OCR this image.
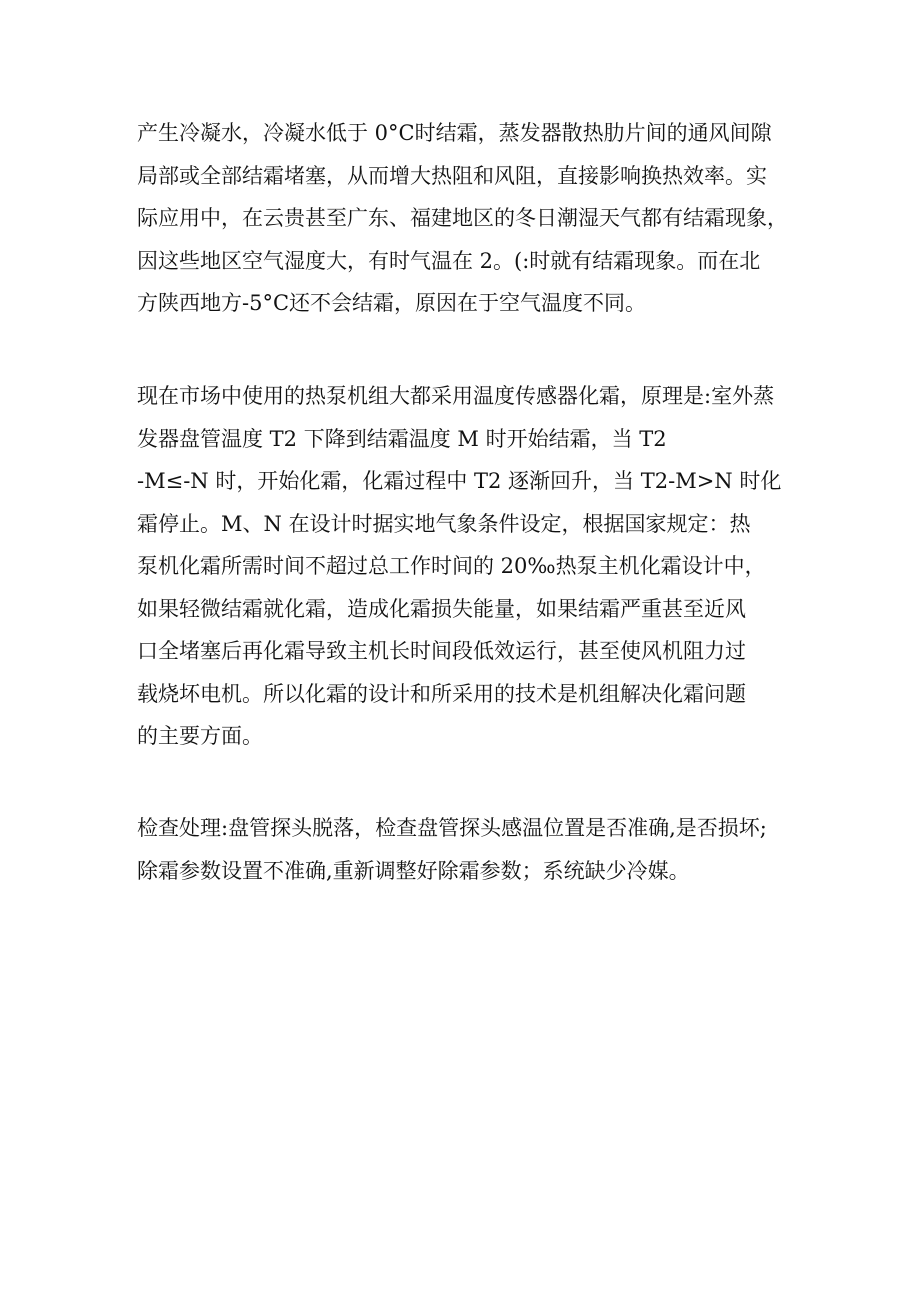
产生冷凝水，冷凝水低于 0°C时结霜，蒸发器散热肋片间的通风间隙
局部或全部结霜堵塞，从而增大热阻和风阻，直接影响换热效率。实
际应用中，在云贵甚至广东、福建地区的冬日潮湿天气都有结霜现象，
因这些地区空气湿度大，有时气温在 2。(:时就有结霜现象。而在北
方陕西地方-5°C还不会结霜，原因在于空气温度不同。
现在市场中使用的热泵机组大都采用温度传感器化霜，原理是:室外蒸
发器盘管温度 T2 下降到结霜温度 M 时开始结霜，当 T2
-M≤-N 时，开始化霜，化霜过程中 T2 逐渐回升，当 T2-M>N 时化
霜停止。M、N 在设计时据实地气象条件设定，根据国家规定：热
泵机化霜所需时间不超过总工作时间的 20‰热泵主机化霜设计中，
如果轻微结霜就化霜，造成化霜损失能量，如果结霜严重甚至近风
口全堵塞后再化霜导致主机长时间段低效运行，甚至使风机阻力过
载烧坏电机。所以化霜的设计和所采用的技术是机组解决化霜问题
的主要方面。
检查处理:盘管探头脱落，检查盘管探头感温位置是否准确,是否损坏;
除霜参数设置不准确,重新调整好除霜参数；系统缺少冷媒。
